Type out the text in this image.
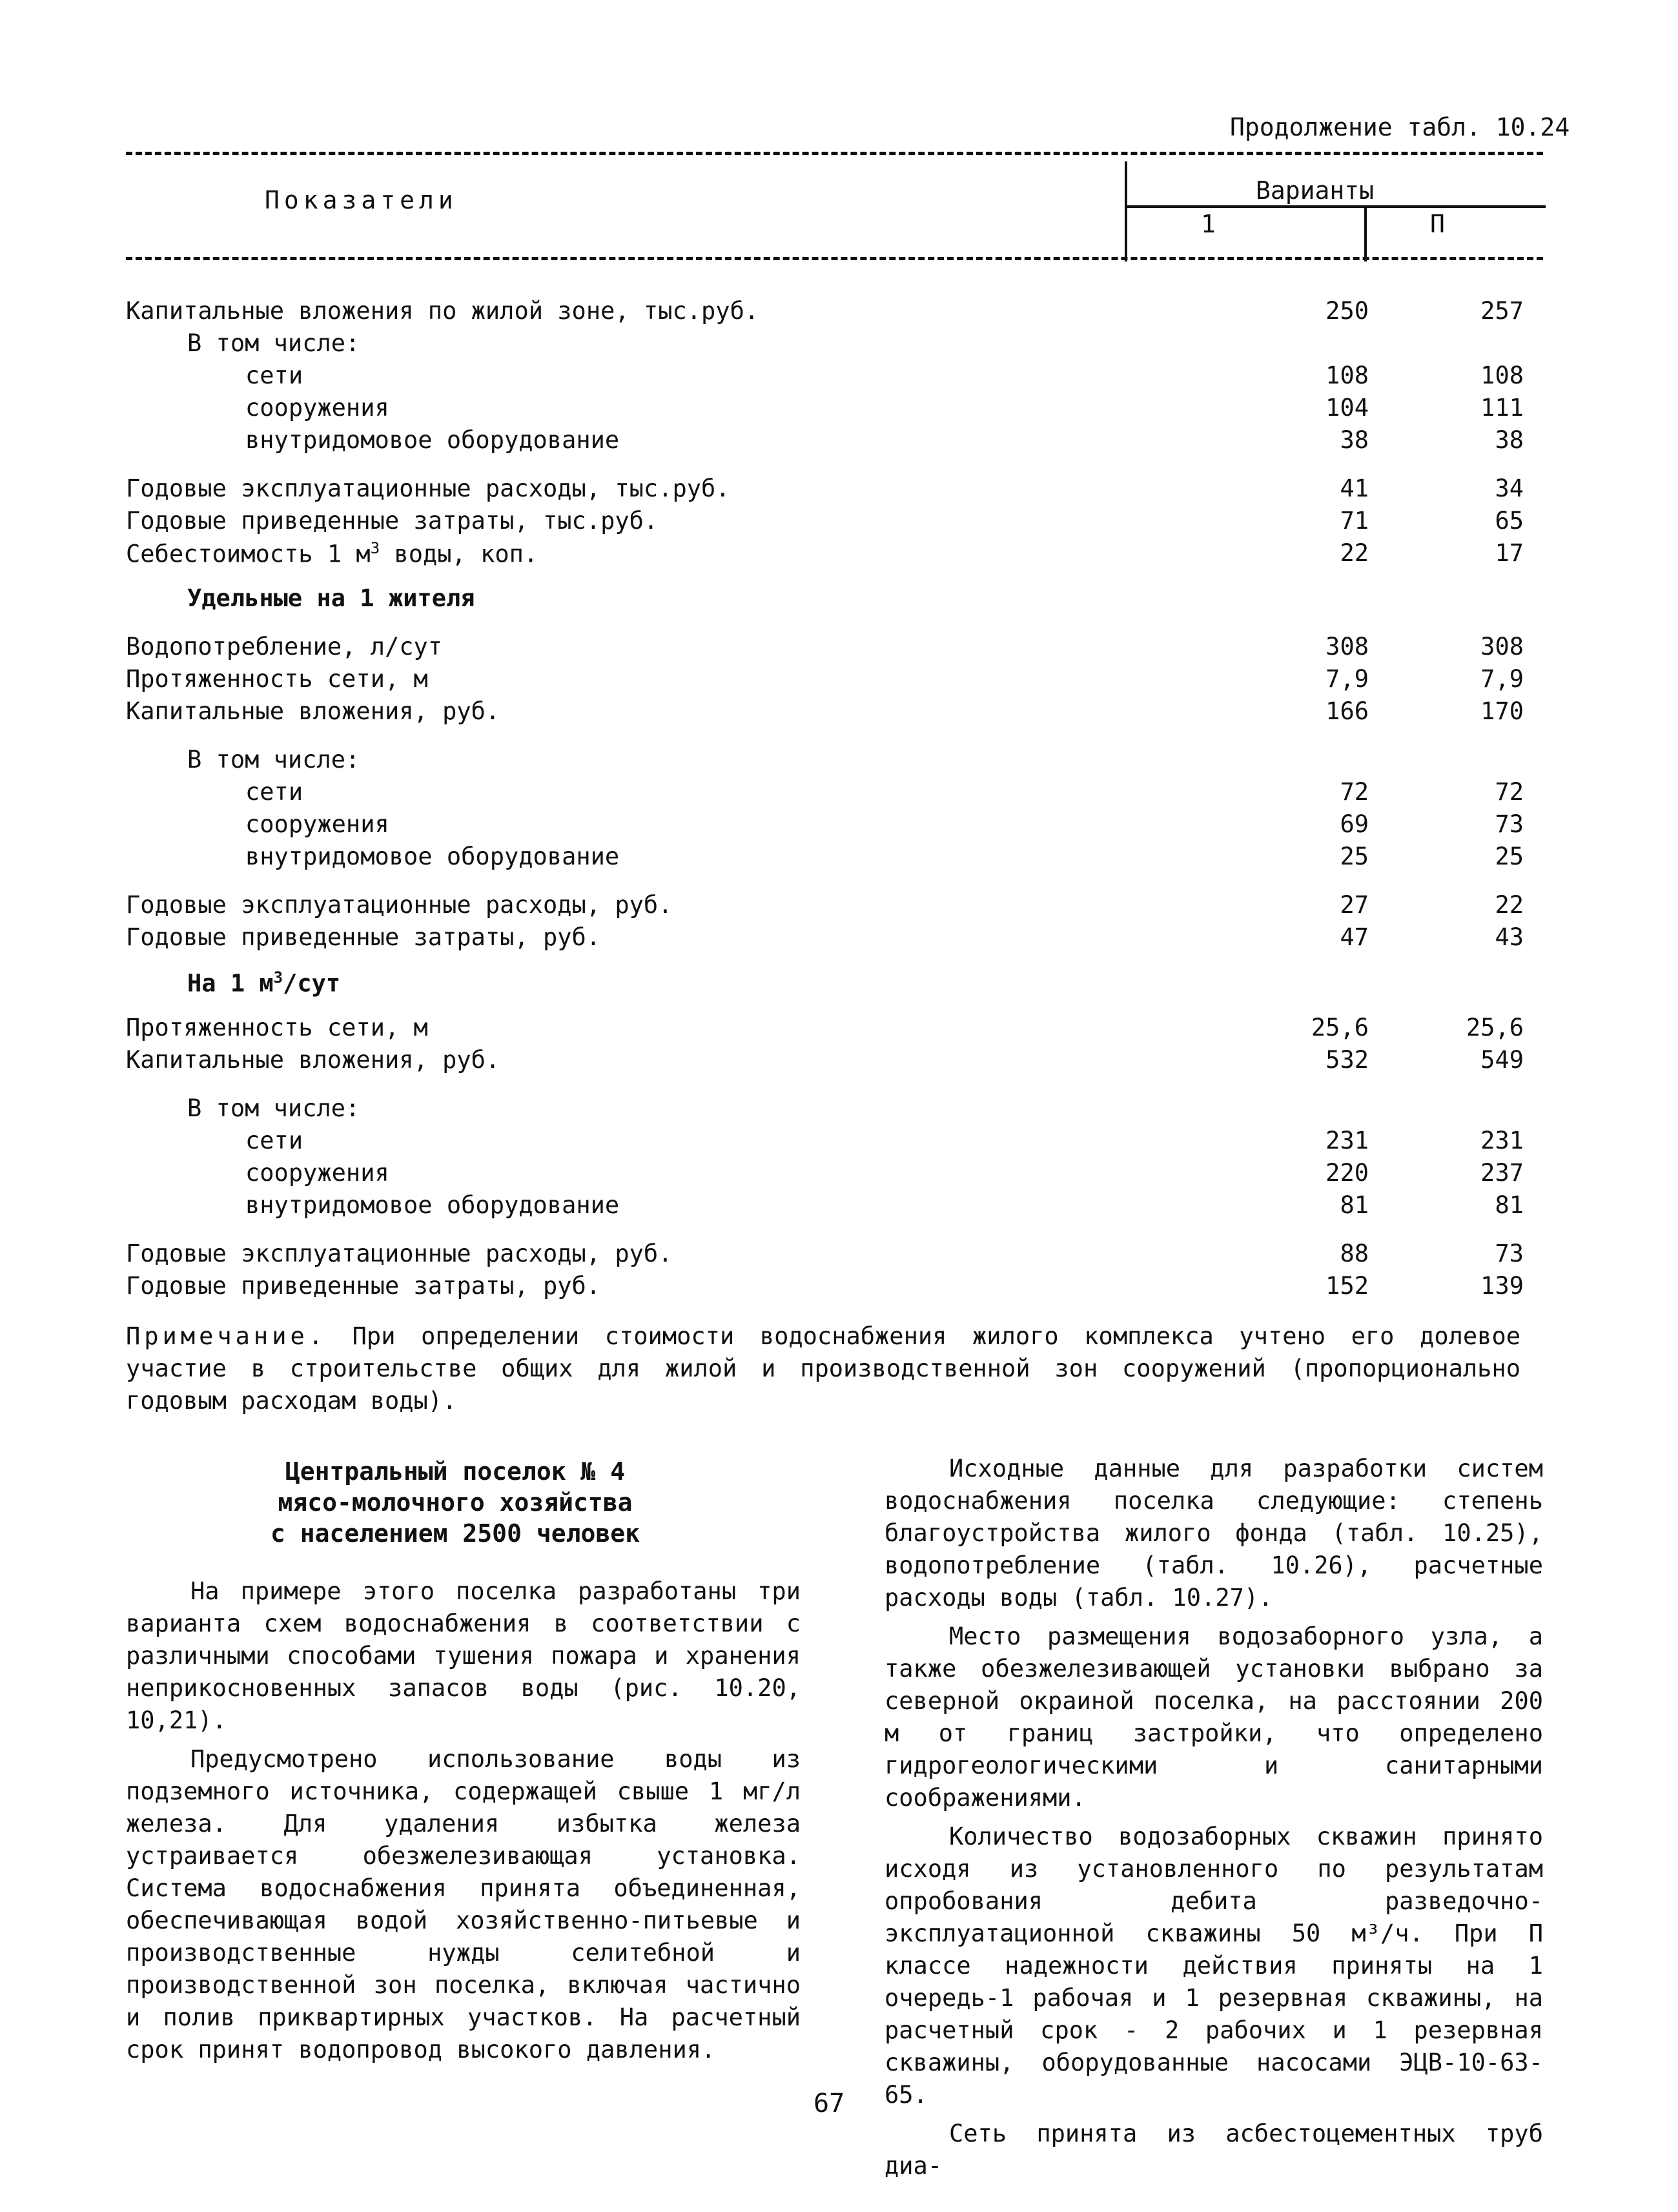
Продолжение табл. 10.24
Показатели	Варианты
1	П
Капитальные вложения по жилой зоне, тыс.руб.	250	257
В том числе:
сети	108	108
сооружения	104	111
внутридомовое оборудование	38	38
Годовые эксплуатационные расходы, тыс.руб.	41	34
Годовые приведенные затраты, тыс.руб.	71	65
Себестоимость 1 $м^3$ воды, коп.	22	17
Удельные на 1 жителя
Водопотребление, л/сут	308	308
Протяженность сети, м	7,9	7,9
Капитальные вложения, руб.	166	170
В том числе:
сети	72	72
сооружения	69	73
внутридомовое оборудование	25	25
Годовые эксплуатационные расходы, руб.	27	22
Годовые приведенные затраты, руб.	47	43
На 1 $м^3$/сут
Протяженность сети, м	25,6	25,6
Капитальные вложения, руб.	532	549
В том числе:
сети	231	231
сооружения	220	237
внутридомовое оборудование	81	81
Годовые эксплуатационные расходы, руб.	88	73
Годовые приведенные затраты, руб.	152	139
Примечание. При определении стоимости водоснабжения жилого комплекса учтено его долевое участие в строительстве общих для жилой и производственной зон сооружений (пропорционально годовым расходам воды).
Центральный поселок № 4
мясо-молочного хозяйства
с населением 2500 человек

На примере этого поселка разработаны три варианта схем водоснабжения в соответствии с различными способами тушения пожара и хранения неприкосновенных запасов воды (рис. 10.20, 10,21).

Предусмотрено использование воды из подземного источника, содержащей свыше 1 мг/л железа. Для удаления избытка железа устраивается обезжелезивающая установка. Система водоснабжения принята объединенная, обеспечивающая водой хозяйственно-питьевые и производственные нужды селитебной и производственной зон поселка, включая частично и полив приквартирных участков. На расчетный срок принят водопровод высокого давления.

Исходные данные для разработки систем водоснабжения поселка следующие: степень благоустройства жилого фонда (табл. 10.25), водопотребление (табл. 10.26), расчетные расходы воды (табл. 10.27).

Место размещения водозаборного узла, а также обезжелезивающей установки выбрано за северной окраиной поселка, на расстоянии 200 м от границ застройки, что определено гидрогеологическими и санитарными соображениями.

Количество водозаборных скважин принято исходя из установленного по результатам опробования дебита разведочно-эксплуатационной скважины 50 м³/ч. При П классе надежности действия приняты на 1 очередь-1 рабочая и 1 резервная скважины, на расчетный срок - 2 рабочих и 1 резервная скважины, оборудованные насосами ЭЦВ-10-63-65.

Сеть принята из асбестоцементных труб диа-

67
